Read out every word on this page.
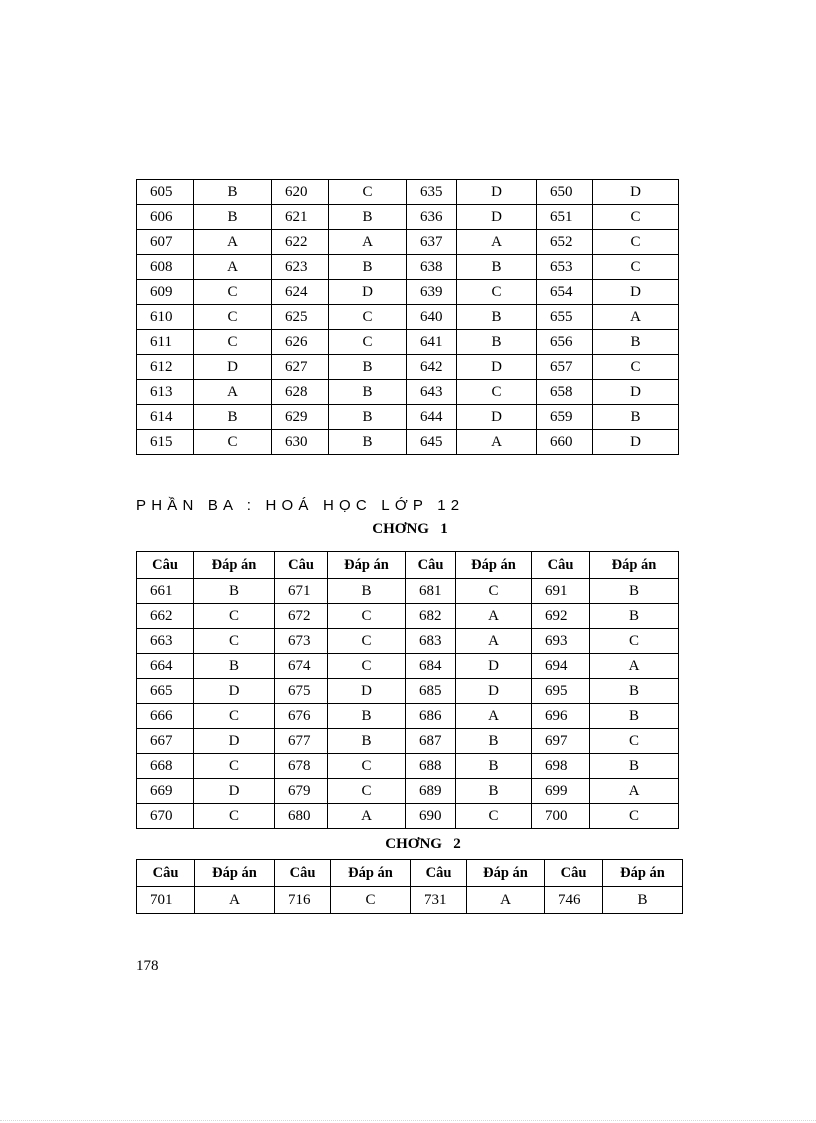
605	B	620	C	635	D	650	D
606	B	621	B	636	D	651	C
607	A	622	A	637	A	652	C
608	A	623	B	638	B	653	C
609	C	624	D	639	C	654	D
610	C	625	C	640	B	655	A
611	C	626	C	641	B	656	B
612	D	627	B	642	D	657	C
613	A	628	B	643	C	658	D
614	B	629	B	644	D	659	B
615	C	630	B	645	A	660	D
PHẦN BA : HOÁ HỌC LỚP 12
CHƠNG   1
Câu	Đáp án	Câu	Đáp án	Câu	Đáp án	Câu	Đáp án
661	B	671	B	681	C	691	B
662	C	672	C	682	A	692	B
663	C	673	C	683	A	693	C
664	B	674	C	684	D	694	A
665	D	675	D	685	D	695	B
666	C	676	B	686	A	696	B
667	D	677	B	687	B	697	C
668	C	678	C	688	B	698	B
669	D	679	C	689	B	699	A
670	C	680	A	690	C	700	C
CHƠNG   2
Câu	Đáp án	Câu	Đáp án	Câu	Đáp án	Câu	Đáp án
701	A	716	C	731	A	746	B
178
